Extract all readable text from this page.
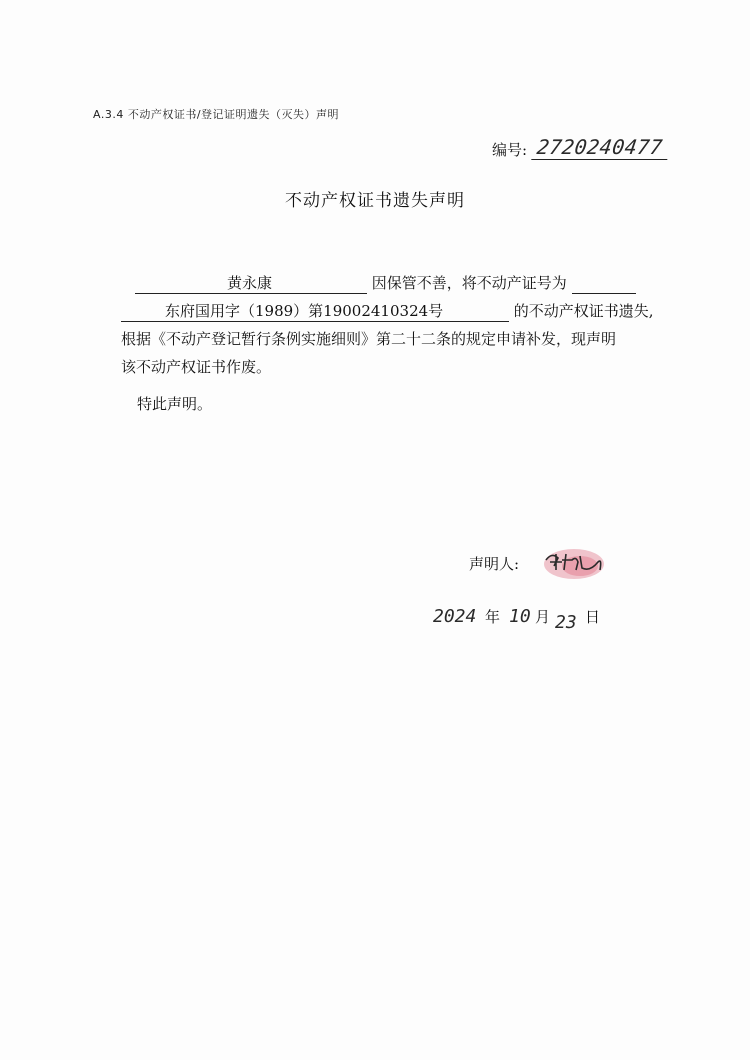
A.3.4 不动产权证书/登记证明遗失（灭失）声明
编号: 2720240477
不动产权证书遗失声明
黄永康	因保管不善，将不动产证号为
东府国用字（1989）第19002410324号	的不动产权证书遗失,
根据《不动产登记暂行条例实施细则》第二十二条的规定申请补发，现声明
该不动产权证书作废。
特此声明。
声明人:
2024 年 10 月 23 日
